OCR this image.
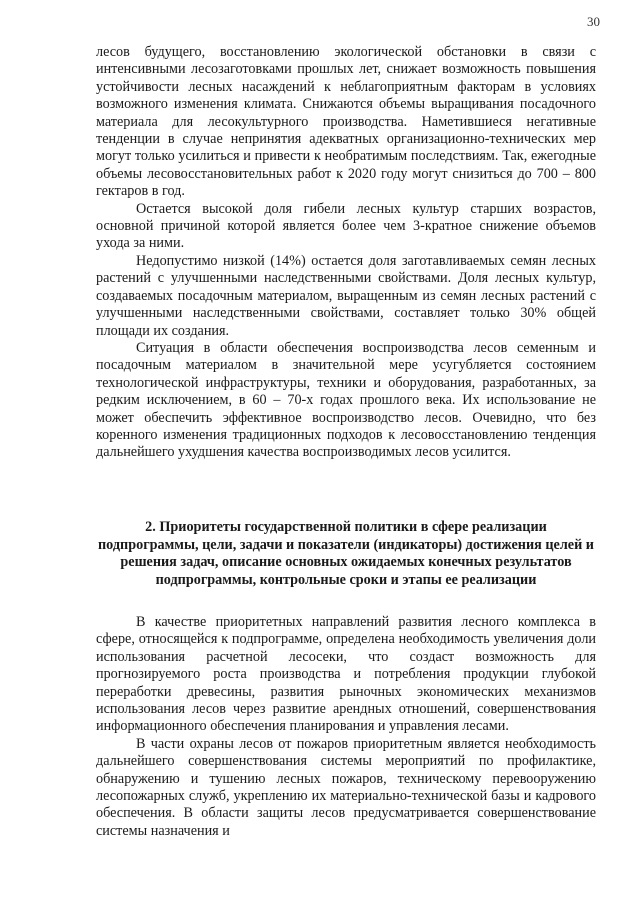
30

лесов будущего, восстановлению экологической обстановки в связи с интенсивными лесозаготовками прошлых лет, снижает возможность повышения устойчивости лесных насаждений к неблагоприятным факторам в условиях возможного изменения климата. Снижаются объемы выращивания посадочного материала для лесокультурного производства. Наметившиеся негативные тенденции в случае непринятия адекватных организационно-технических мер могут только усилиться и привести к необратимым последствиям. Так, ежегодные объемы лесовосстановительных работ к 2020 году могут снизиться до 700 – 800 гектаров в год.

Остается высокой доля гибели лесных культур старших возрастов, основной причиной которой является более чем 3-кратное снижение объемов ухода за ними.

Недопустимо низкой (14%) остается доля заготавливаемых семян лесных растений с улучшенными наследственными свойствами. Доля лесных культур, создаваемых посадочным материалом, выращенным из семян лесных растений с улучшенными наследственными свойствами, составляет только 30% общей площади их создания.

Ситуация в области обеспечения воспроизводства лесов семенным и посадочным материалом в значительной мере усугубляется состоянием технологической инфраструктуры, техники и оборудования, разработанных, за редким исключением, в 60 – 70-х годах прошлого века. Их использование не может обеспечить эффективное воспроизводство лесов. Очевидно, что без коренного изменения традиционных подходов к лесовосстановлению тенденция дальнейшего ухудшения качества воспроизводимых лесов усилится.

2. Приоритеты государственной политики в сфере реализации подпрограммы, цели, задачи и показатели (индикаторы) достижения целей и решения задач, описание основных ожидаемых конечных результатов подпрограммы, контрольные сроки и этапы ее реализации

В качестве приоритетных направлений развития лесного комплекса в сфере, относящейся к подпрограмме, определена необходимость увеличения доли использования расчетной лесосеки, что создаст возможность для прогнозируемого роста производства и потребления продукции глубокой переработки древесины, развития рыночных экономических механизмов использования лесов через развитие арендных отношений, совершенствования информационного обеспечения планирования и управления лесами.

В части охраны лесов от пожаров приоритетным является необходимость дальнейшего совершенствования системы мероприятий по профилактике, обнаружению и тушению лесных пожаров, техническому перевооружению лесопожарных служб, укреплению их материально-технической базы и кадрового обеспечения. В области защиты лесов предусматривается совершенствование системы назначения и
